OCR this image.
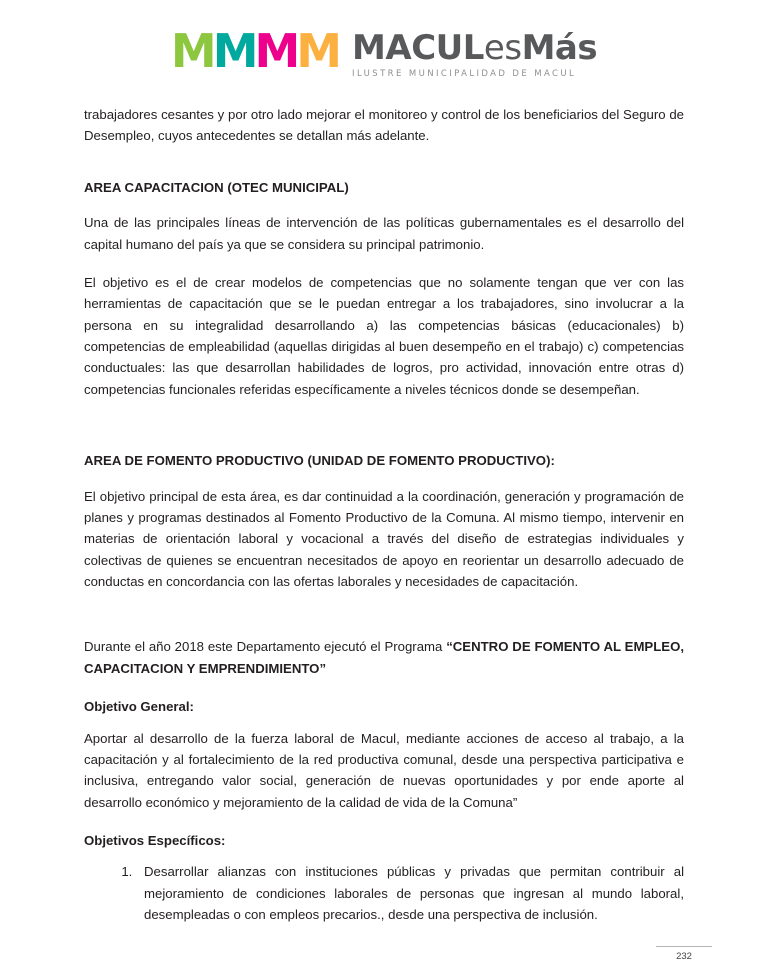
M M M M MACULesMás
ILUSTRE MUNICIPALIDAD DE MACUL

trabajadores cesantes y por otro lado mejorar el monitoreo y control de los beneficiarios del Seguro de Desempleo, cuyos antecedentes se detallan más adelante.

AREA CAPACITACION (OTEC MUNICIPAL)

Una de las principales líneas de intervención de las políticas gubernamentales es el desarrollo del capital humano del país ya que se considera su principal patrimonio.

El objetivo es el de crear modelos de competencias que no solamente tengan que ver con las herramientas de capacitación que se le puedan entregar a los trabajadores, sino involucrar a la persona en su integralidad desarrollando a) las competencias básicas (educacionales) b) competencias de empleabilidad (aquellas dirigidas al buen desempeño en el trabajo) c) competencias conductuales: las que desarrollan habilidades de logros, pro actividad, innovación entre otras d) competencias funcionales referidas específicamente a niveles técnicos donde se desempeñan.

AREA DE FOMENTO PRODUCTIVO (UNIDAD DE FOMENTO PRODUCTIVO):

El objetivo principal de esta área, es dar continuidad a la coordinación, generación y programación de planes y programas destinados al Fomento Productivo de la Comuna. Al mismo tiempo, intervenir en materias de orientación laboral y vocacional a través del diseño de estrategias individuales y colectivas de quienes se encuentran necesitados de apoyo en reorientar un desarrollo adecuado de conductas en concordancia con las ofertas laborales y necesidades de capacitación.

Durante el año 2018 este Departamento ejecutó el Programa “CENTRO DE FOMENTO AL EMPLEO, CAPACITACION Y EMPRENDIMIENTO”

Objetivo General:

Aportar al desarrollo de la fuerza laboral de Macul, mediante acciones de acceso al trabajo, a la capacitación y al fortalecimiento de la red productiva comunal, desde una perspectiva participativa e inclusiva, entregando valor social, generación de nuevas oportunidades y por ende aporte al desarrollo económico y mejoramiento de la calidad de vida de la Comuna”

Objetivos Específicos:
1. Desarrollar alianzas con instituciones públicas y privadas que permitan contribuir al mejoramiento de condiciones laborales de personas que ingresan al mundo laboral, desempleadas o con empleos precarios., desde una perspectiva de inclusión.
232
